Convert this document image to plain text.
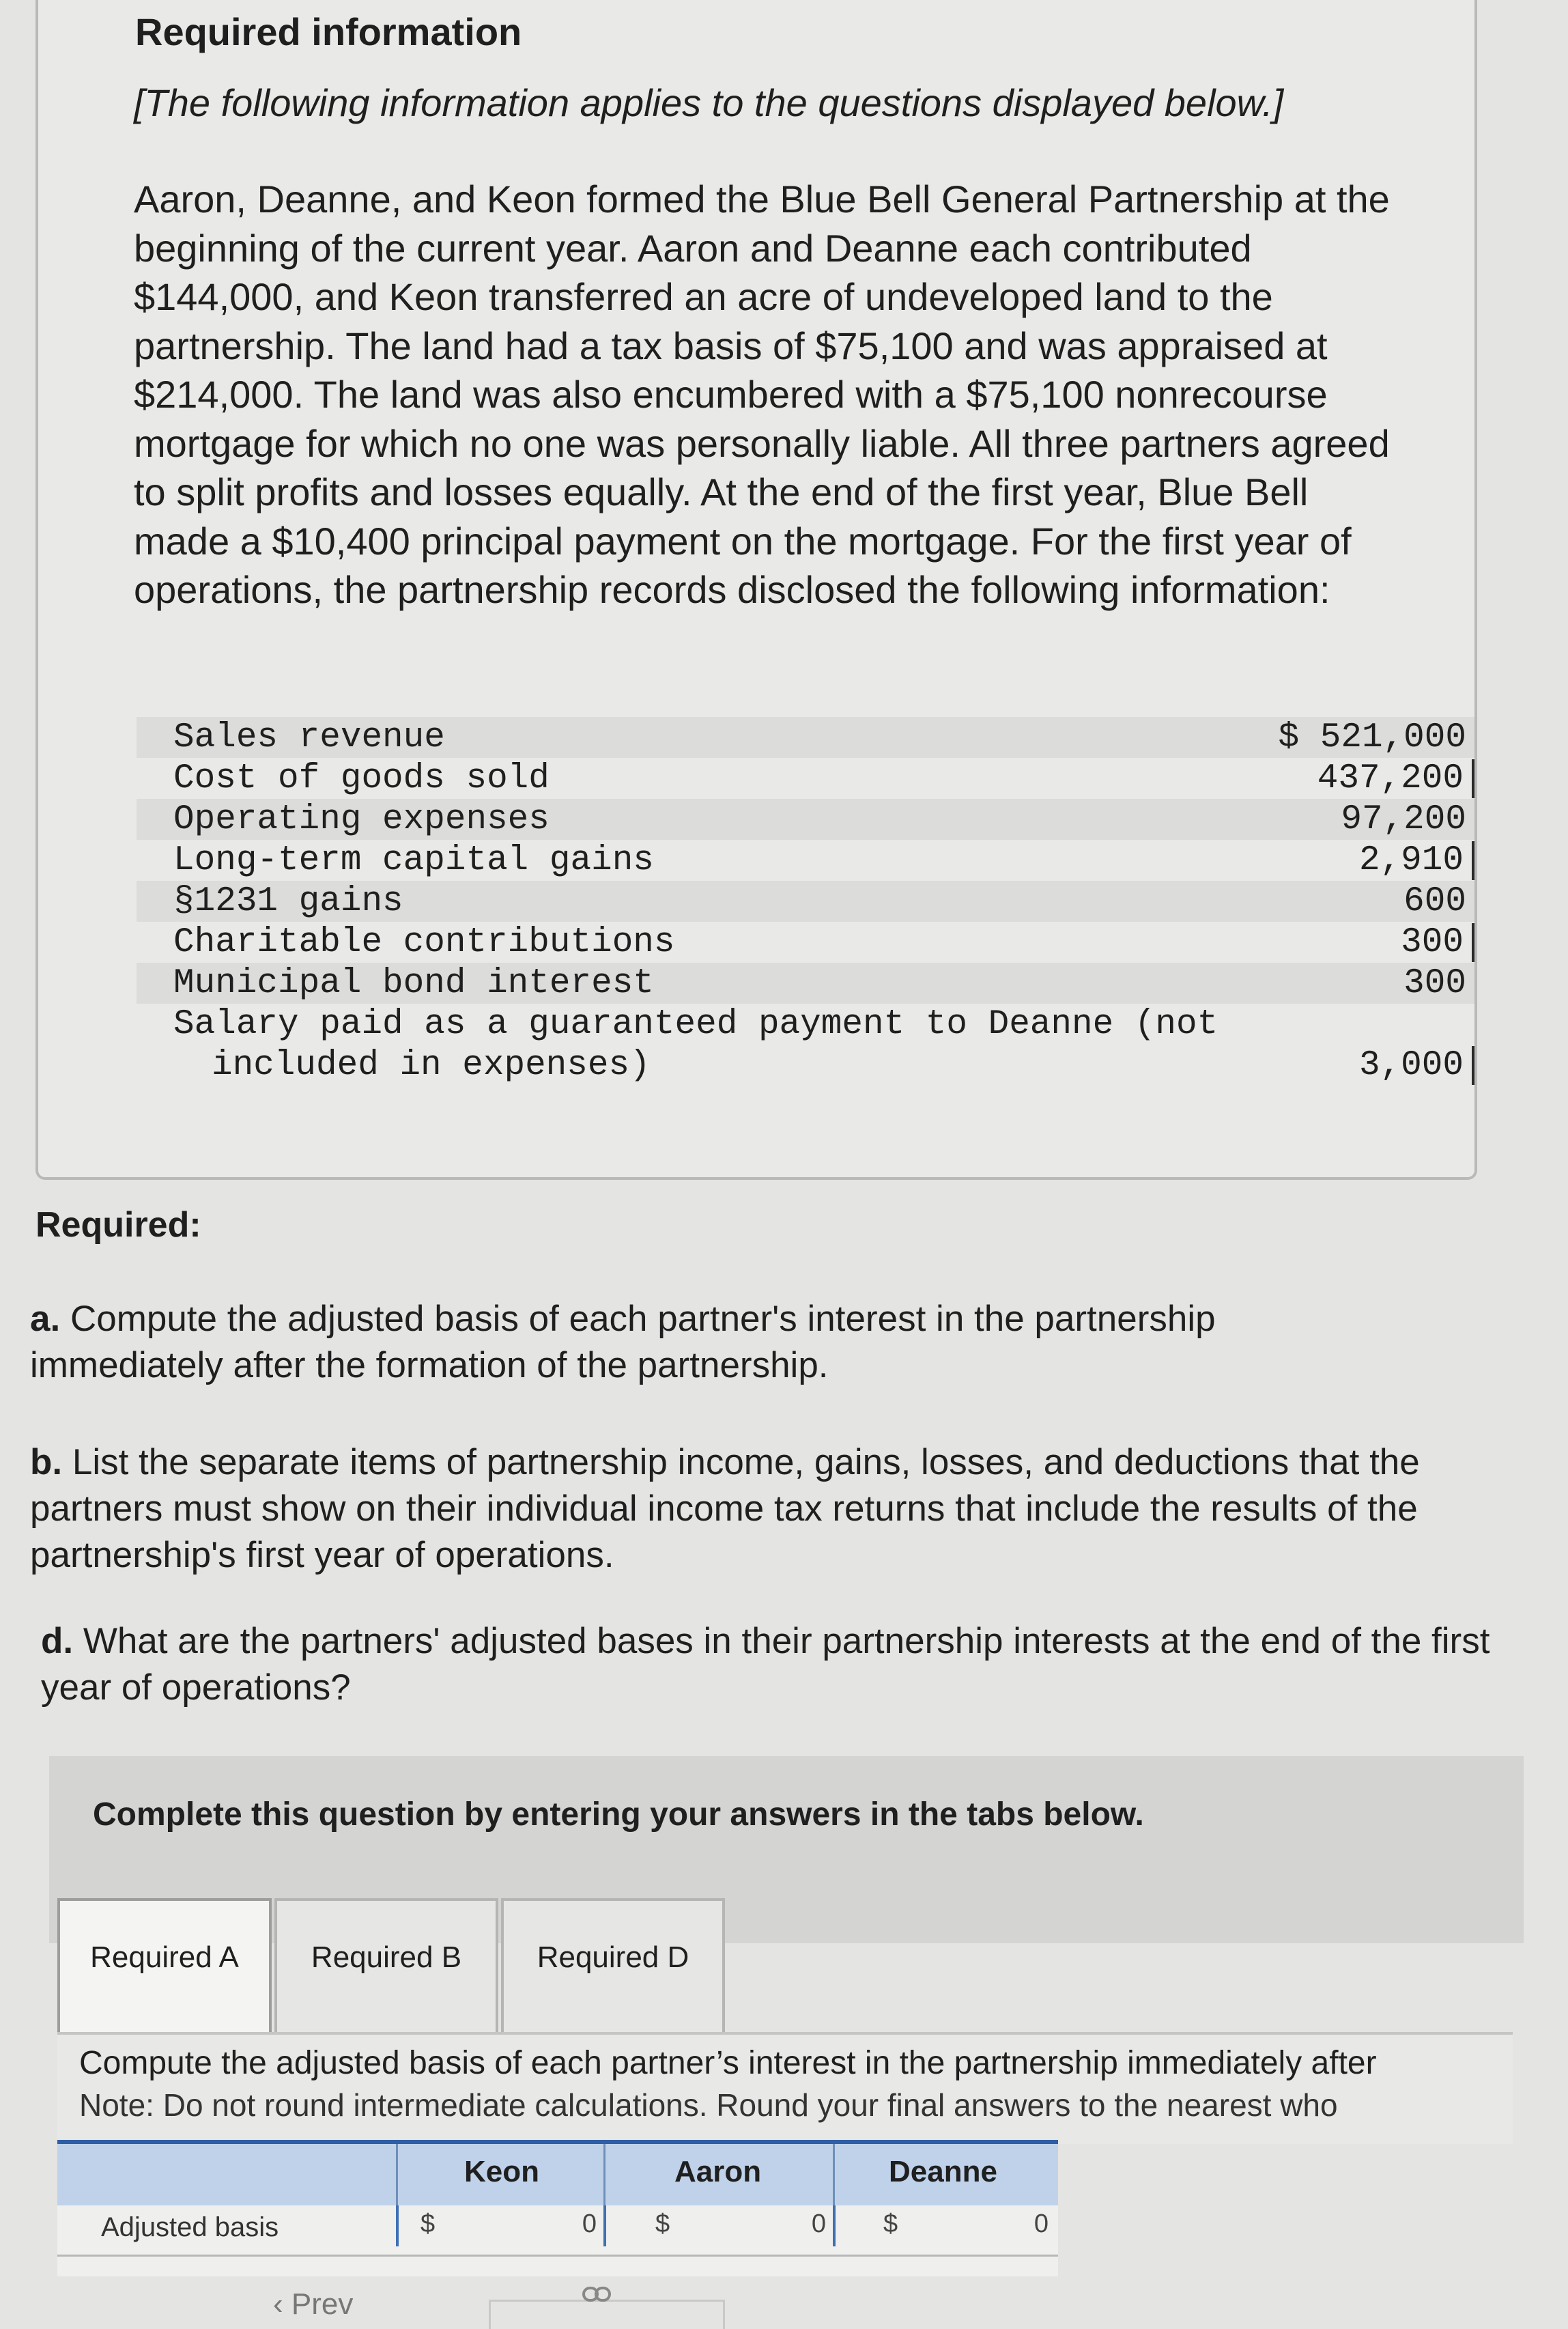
Required information
[The following information applies to the questions displayed below.]
Aaron, Deanne, and Keon formed the Blue Bell General Partnership at the beginning of the current year. Aaron and Deanne each contributed $144,000, and Keon transferred an acre of undeveloped land to the partnership. The land had a tax basis of $75,100 and was appraised at $214,000. The land was also encumbered with a $75,100 nonrecourse mortgage for which no one was personally liable. All three partners agreed to split profits and losses equally. At the end of the first year, Blue Bell made a $10,400 principal payment on the mortgage. For the first year of operations, the partnership records disclosed the following information:
Sales revenue	$ 521,000
Cost of goods sold	437,200
Operating expenses	97,200
Long-term capital gains	2,910
§1231 gains	600
Charitable contributions	300
Municipal bond interest	300
Salary paid as a guaranteed payment to Deanne (not
included in expenses)	3,000
Required:
a. Compute the adjusted basis of each partner's interest in the partnership immediately after the formation of the partnership.
b. List the separate items of partnership income, gains, losses, and deductions that the partners must show on their individual income tax returns that include the results of the partnership's first year of operations.
d. What are the partners' adjusted bases in their partnership interests at the end of the first year of operations?
Complete this question by entering your answers in the tabs below.
Required A	Required B	Required D
Compute the adjusted basis of each partner’s interest in the partnership immediately after
Note: Do not round intermediate calculations. Round your final answers to the nearest who
Keon	Aaron	Deanne
Adjusted basis	$	0 $	0 $	0
‹ Prev
